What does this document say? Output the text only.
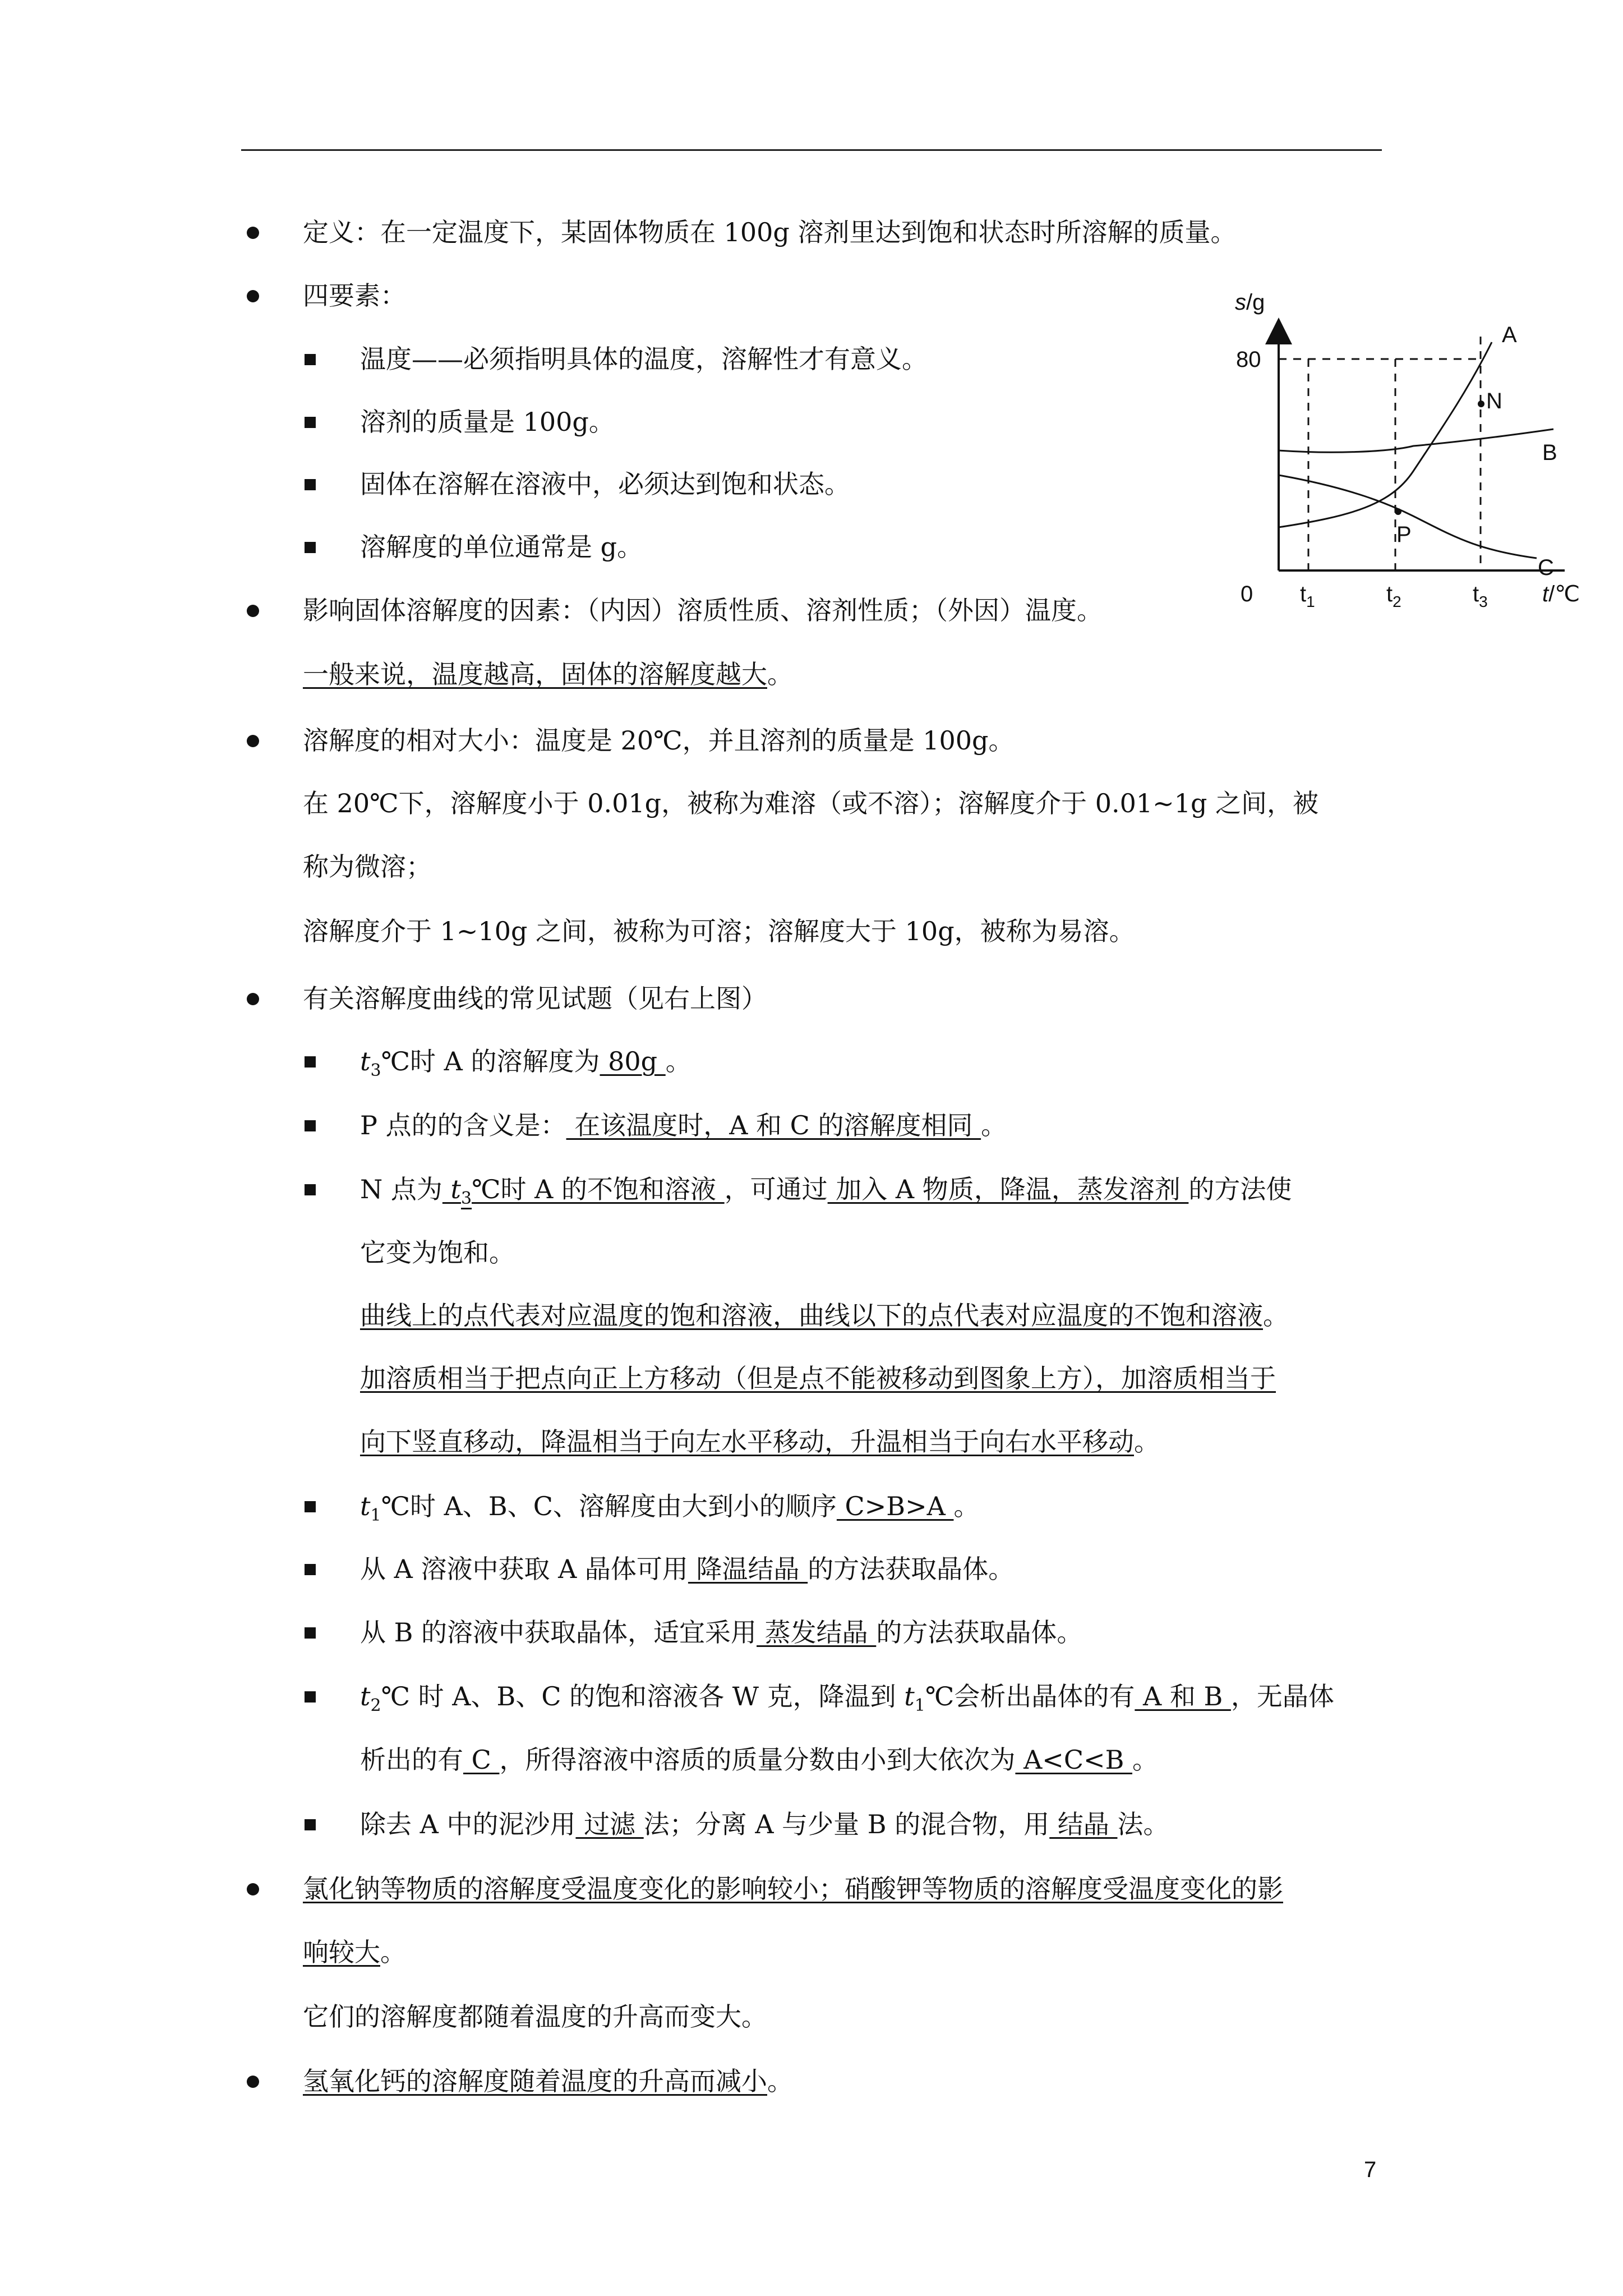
定义：在一定温度下，某固体物质在 100g 溶剂里达到饱和状态时所溶解的质量。
四要素：
温度——必须指明具体的温度，溶解性才有意义。
溶剂的质量是 100g。
固体在溶解在溶液中，必须达到饱和状态。
溶解度的单位通常是 g。
影响固体溶解度的因素：（内因）溶质性质、溶剂性质；（外因）温度。
一般来说，温度越高，固体的溶解度越大。
溶解度的相对大小：温度是 20℃，并且溶剂的质量是 100g。
在 20℃下，溶解度小于 0.01g，被称为难溶（或不溶）；溶解度介于 0.01~1g 之间，被
称为微溶；
溶解度介于 1~10g 之间，被称为可溶；溶解度大于 10g，被称为易溶。
有关溶解度曲线的常见试题（见右上图）
$t_3℃$时 A 的溶解度为 80g 。
P 点的的含义是： 在该温度时，A 和 C 的溶解度相同 。
N 点为 $t_3℃$时 A 的不饱和溶液 ，可通过 加入 A 物质，降温，蒸发溶剂 的方法使
它变为饱和。
曲线上的点代表对应温度的饱和溶液，曲线以下的点代表对应温度的不饱和溶液。
加溶质相当于把点向正上方移动（但是点不能被移动到图象上方），加溶质相当于
向下竖直移动，降温相当于向左水平移动，升温相当于向右水平移动。
$t_1℃$时 A、B、C、溶解度由大到小的顺序 C>B>A 。
从 A 溶液中获取 A 晶体可用 降温结晶 的方法获取晶体。
从 B 的溶液中获取晶体，适宜采用 蒸发结晶 的方法获取晶体。
$t_2℃$ 时 A、B、C 的饱和溶液各 W 克，降温到 $t_1℃$会析出晶体的有 A 和 B ，无晶体
析出的有 C ，所得溶液中溶质的质量分数由小到大依次为 A<C<B 。
除去 A 中的泥沙用 过滤 法；分离 A 与少量 B 的混合物，用 结晶 法。
氯化钠等物质的溶解度受温度变化的影响较小；硝酸钾等物质的溶解度受温度变化的影
响较大。
它们的溶解度都随着温度的升高而变大。
氢氧化钙的溶解度随着温度的升高而减小。
s/g
80
A
B
C
N
P
0 $t_1$	$t_2$	$t_3$ t/℃
7
